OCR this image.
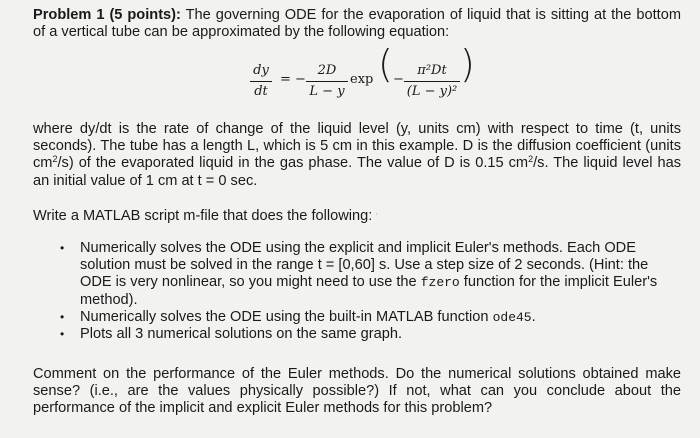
Problem 1 (5 points): The governing ODE for the evaporation of liquid that is sitting at the bottom of a vertical tube can be approximated by the following equation:

dy
dt
= −
2D
L − y
exp ( −
π²Dt
(L − y)²
)

where dy/dt is the rate of change of the liquid level (y, units cm) with respect to time (t, units seconds). The tube has a length L, which is 5 cm in this example. D is the diffusion coefficient (units $cm^2/s$) of the evaporated liquid in the gas phase. The value of D is 0.15 $cm^2/s$. The liquid level has an initial value of 1 cm at t = 0 sec.

Write a MATLAB script m-file that does the following: ‘

• Numerically solves the ODE using the explicit and implicit Euler's methods. Each ODE solution must be solved in the range t = [0,60] s. Use a step size of 2 seconds. (Hint: the ODE is very nonlinear, so you might need to use the fzero function for the implicit Euler's method).
• Numerically solves the ODE using the built-in MATLAB function ode45.
• Plots all 3 numerical solutions on the same graph.

Comment on the performance of the Euler methods. Do the numerical solutions obtained make sense? (i.e., are the values physically possible?) If not, what can you conclude about the performance of the implicit and explicit Euler methods for this problem?
